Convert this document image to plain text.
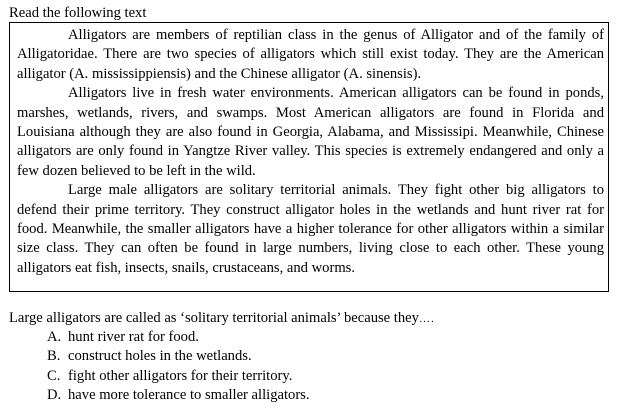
Read the following text

Alligators are members of reptilian class in the genus of Alligator and of the family of Alligatoridae. There are two species of alligators which still exist today. They are the American alligator (A. mississippiensis) and the Chinese alligator (A. sinensis).

Alligators live in fresh water environments. American alligators can be found in ponds, marshes, wetlands, rivers, and swamps. Most American alligators are found in Florida and Louisiana although they are also found in Georgia, Alabama, and Mississipi. Meanwhile, Chinese alligators are only found in Yangtze River valley. This species is extremely endangered and only a few dozen believed to be left in the wild.

Large male alligators are solitary territorial animals. They fight other big alligators to defend their prime territory. They construct alligator holes in the wetlands and hunt river rat for food. Meanwhile, the smaller alligators have a higher tolerance for other alligators within a similar size class. They can often be found in large numbers, living close to each other. These young alligators eat fish, insects, snails, crustaceans, and worms.

Large alligators are called as ‘solitary territorial animals’ because they….
A. hunt river rat for food.
B. construct holes in the wetlands.
C. fight other alligators for their territory.
D. have more tolerance to smaller alligators.
